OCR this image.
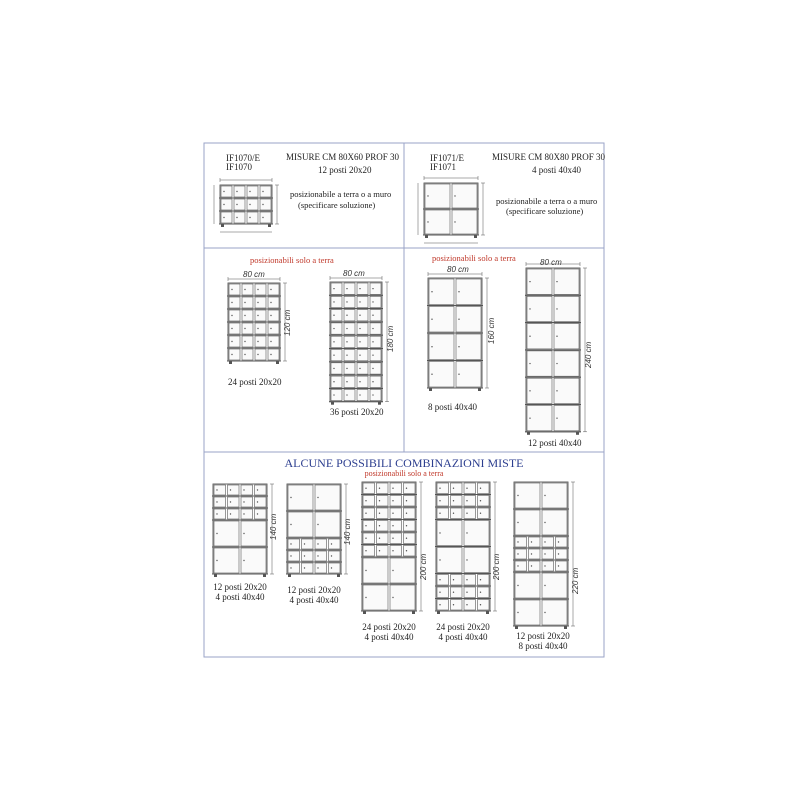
IF1070/E
IF1070
MISURE CM 80X60 PROF 30
12 posti 20x20
posizionabile a terra o a muro
(specificare soluzione)
IF1071/E
IF1071
MISURE CM 80X80 PROF 30
4 posti 40x40
posizionabile a terra o a muro
(specificare soluzione)
posizionabili solo a terra	posizionabili solo a terra
80 cm	80 cm	80 cm
80 cm
120 cm
180 cm	160 cm
240 cm
24 posti 20x20
36 posti 20x20	8 posti 40x40
12 posti 40x40
ALCUNE POSSIBILI COMBINAZIONI MISTE
posizionabili solo a terra
140 cm	140 cm
200 cm	200 cm
220 cm
12 posti 20x20
4 posti 40x40
12 posti 20x20
4 posti 40x40
24 posti 20x20
4 posti 40x40
24 posti 20x20
4 posti 40x40	12 posti 20x20
8 posti 40x40
